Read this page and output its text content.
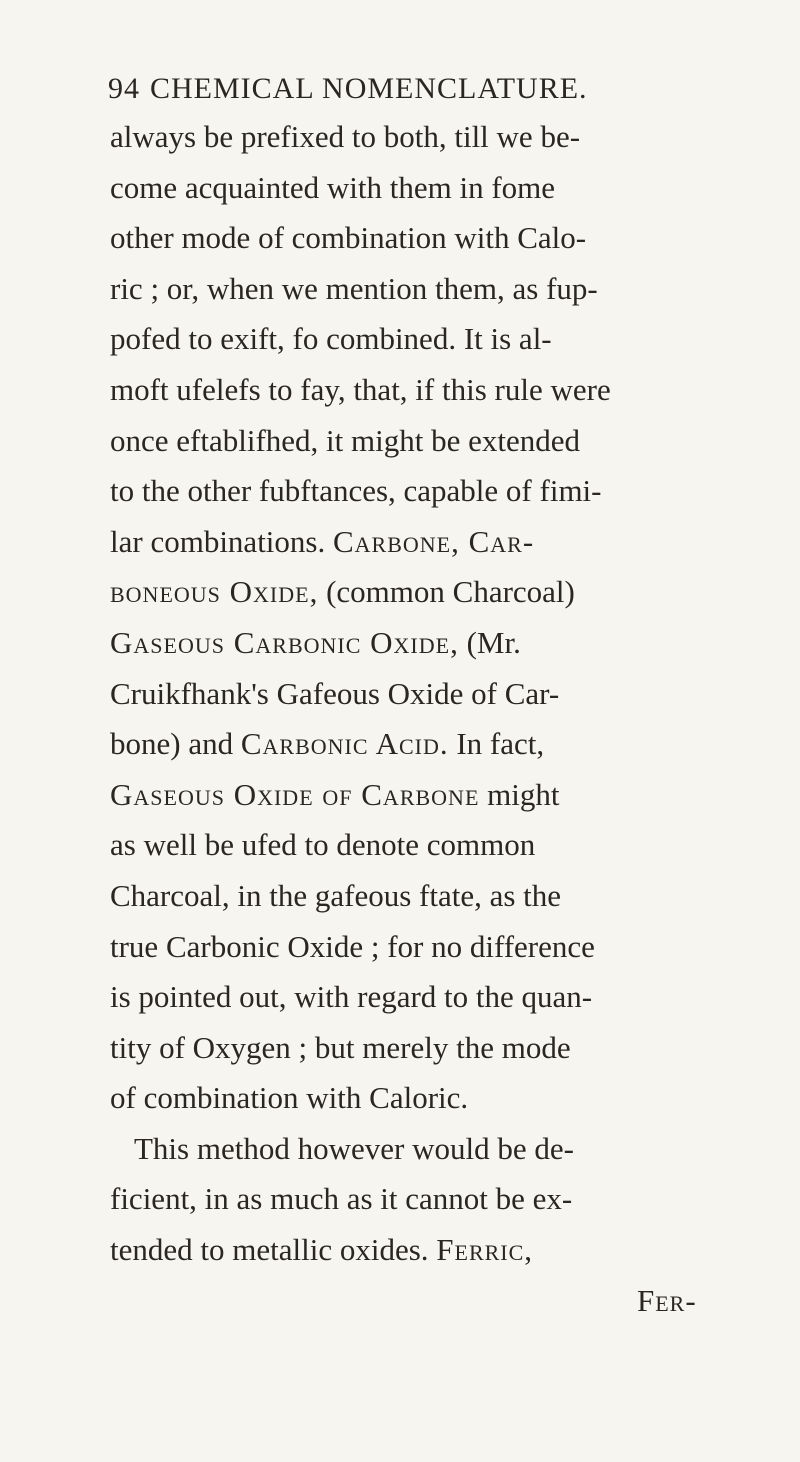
94 CHEMICAL NOMENCLATURE.
always be prefixed to both, till we be-
come acquainted with them in fome
other mode of combination with Calo-
ric ; or, when we mention them, as fup-
pofed to exift, fo combined. It is al-
moft ufelefs to fay, that, if this rule were
once eftablifhed, it might be extended
to the other fubftances, capable of fimi-
lar combinations. Carbone, Car-
boneous Oxide, (common Charcoal)
Gaseous Carbonic Oxide, (Mr.
Cruikfhank's Gafeous Oxide of Car-
bone) and Carbonic Acid. In fact,
Gaseous Oxide of Carbone might
as well be ufed to denote common
Charcoal, in the gafeous ftate, as the
true Carbonic Oxide ; for no difference
is pointed out, with regard to the quan-
tity of Oxygen ; but merely the mode
of combination with Caloric.
This method however would be de-
ficient, in as much as it cannot be ex-
tended to metallic oxides. Ferric,
Fer-
